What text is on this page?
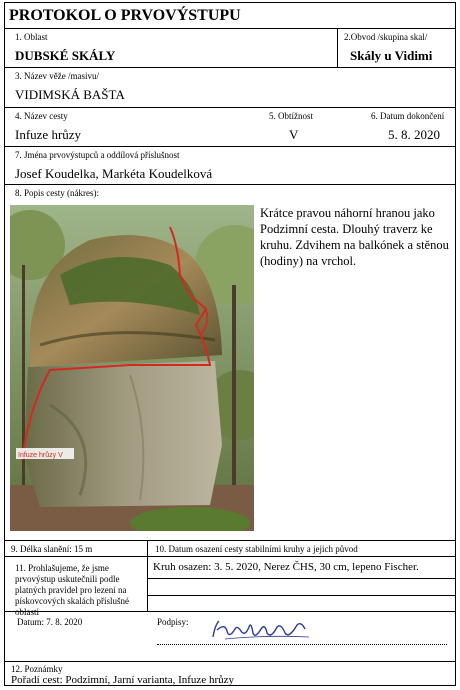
PROTOKOL O PRVOVÝSTUPU
1. Oblast
DUBSKÉ SKÁLY
2.Obvod /skupina skal/
Skály u Vidimi
3. Název věže /masivu/
VIDIMSKÁ BAŠTA
4. Název cesty
Infuze hrůzy
5. Obtížnost
V
6. Datum dokončení
5. 8. 2020
7. Jména prvovýstupců a oddílová příslušnost
Josef Koudelka, Markéta Koudelková
8. Popis cesty (nákres):
Infuze hrůzy V
Krátce pravou náhorní hranou jako Podzimní cesta. Dlouhý traverz ke kruhu. Zdvihem na balkónek a stěnou (hodiny) na vrchol.
9. Délka slanění: 15 m	10. Datum osazení cesty stabilními kruhy a jejich původ
Kruh osazen: 3. 5. 2020, Nerez ČHS, 30 cm, lepeno Fischer.
11. Prohlašujeme, že jsme prvovýstup uskutečnili podle platných pravidel pro lezení na pískovcových skalách příslušné oblasti
Datum: 7. 8. 2020	Podpisy:
12. Poznámky
Pořadí cest: Podzimní, Jarní varianta, Infuze hrůzy
